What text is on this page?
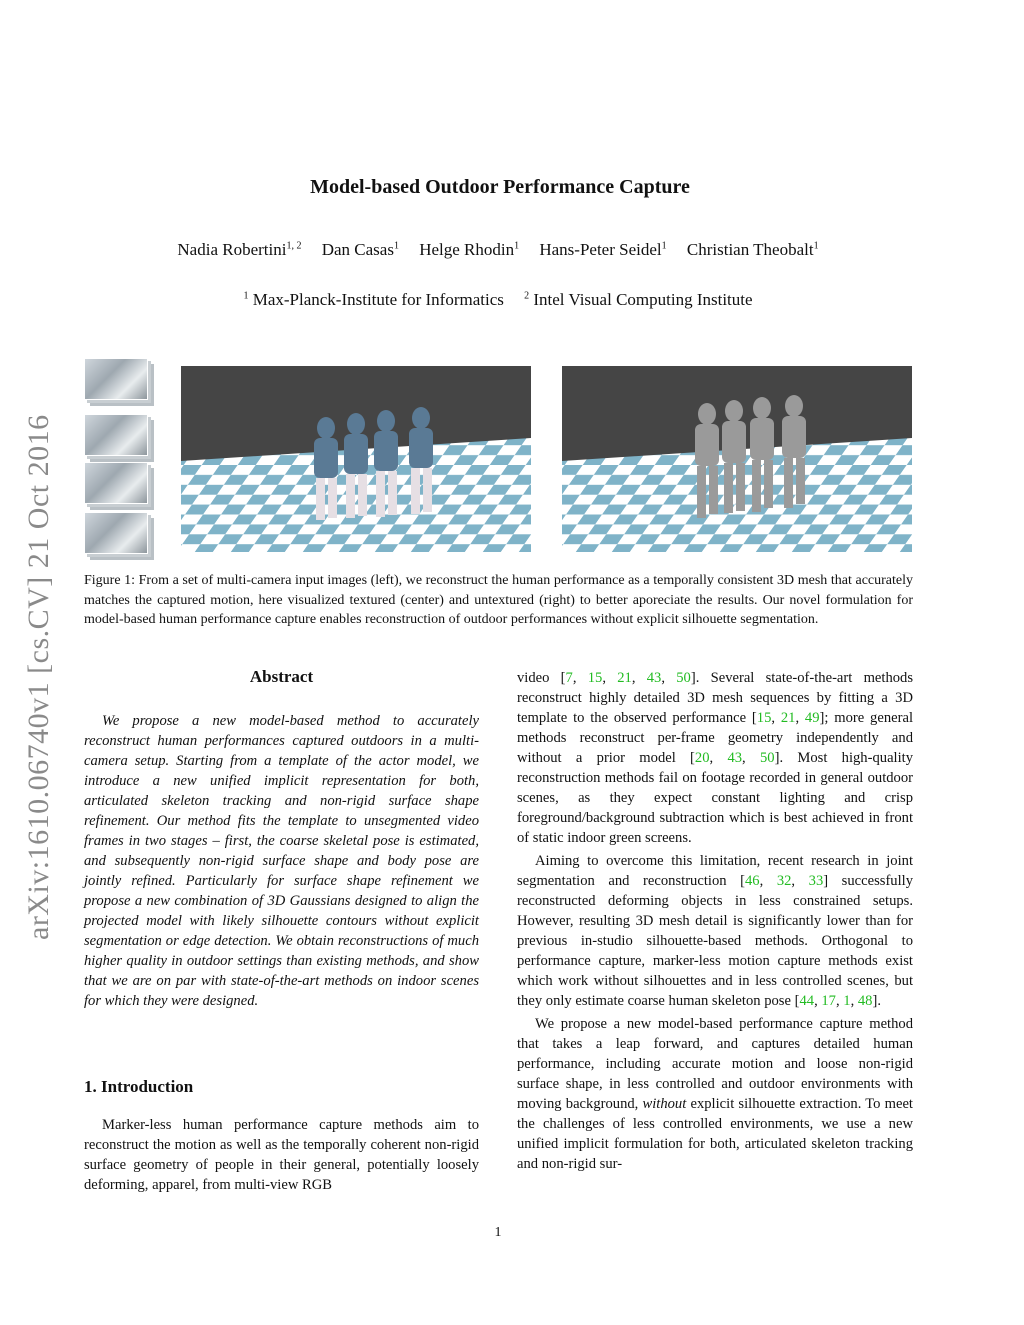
Model-based Outdoor Performance Capture
Nadia Robertini$^{1, 2}$ Dan Casas$^1$ Helge Rhodin$^1$ Hans-Peter Seidel$^1$ Christian Theobalt$^1$
$^1$ Max-Planck-Institute for Informatics $^2$ Intel Visual Computing Institute
arXiv:1610.06740v1 [cs.CV] 21 Oct 2016 Figure 1: From a set of multi-camera input images (left), we reconstruct the human performance as a temporally consistent 3D mesh that accurately matches the captured motion, here visualized textured (center) and untextured (right) to better aporeciate the results. Our novel formulation for model-based human performance capture enables reconstruction of outdoor performances without explicit silhouette segmentation.
Abstract

We propose a new model-based method to accurately reconstruct human performances captured outdoors in a multi-camera setup. Starting from a template of the actor model, we introduce a new unified implicit representation for both, articulated skeleton tracking and non-rigid surface shape refinement. Our method fits the template to unsegmented video frames in two stages – first, the coarse skeletal pose is estimated, and subsequently non-rigid surface shape and body pose are jointly refined. Particularly for surface shape refinement we propose a new combination of 3D Gaussians designed to align the projected model with likely silhouette contours without explicit segmentation or edge detection. We obtain reconstructions of much higher quality in outdoor settings than existing methods, and show that we are on par with state-of-the-art methods on indoor scenes for which they were designed.

1. Introduction

Marker-less human performance capture methods aim to reconstruct the motion as well as the temporally coherent non-rigid surface geometry of people in their general, potentially loosely deforming, apparel, from multi-view RGB

video [7, 15, 21, 43, 50]. Several state-of-the-art methods reconstruct highly detailed 3D mesh sequences by fitting a 3D template to the observed performance [15, 21, 49]; more general methods reconstruct per-frame geometry independently and without a prior model [20, 43, 50]. Most high-quality reconstruction methods fail on footage recorded in general outdoor scenes, as they expect constant lighting and crisp foreground/background subtraction which is best achieved in front of static indoor green screens.

Aiming to overcome this limitation, recent research in joint segmentation and reconstruction [46, 32, 33] successfully reconstructed deforming objects in less constrained setups. However, resulting 3D mesh detail is significantly lower than for previous in-studio silhouette-based methods. Orthogonal to performance capture, marker-less motion capture methods exist which work without silhouettes and in less controlled scenes, but they only estimate coarse human skeleton pose [44, 17, 1, 48].

We propose a new model-based performance capture method that takes a leap forward, and captures detailed human performance, including accurate motion and loose non-rigid surface shape, in less controlled and outdoor environments with moving background, without explicit silhouette extraction. To meet the challenges of less controlled environments, we use a new unified implicit formulation for both, articulated skeleton tracking and non-rigid sur-

1
